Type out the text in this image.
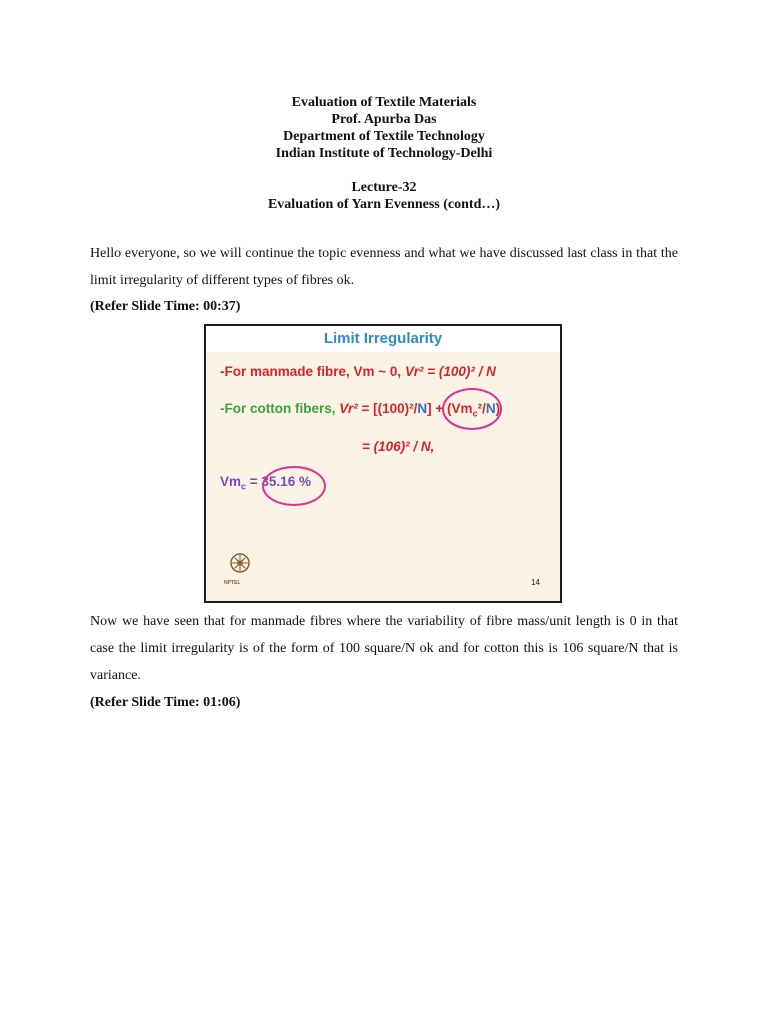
Evaluation of Textile Materials
Prof. Apurba Das
Department of Textile Technology
Indian Institute of Technology-Delhi
Lecture-32
Evaluation of Yarn Evenness (contd…)
Hello everyone, so we will continue the topic evenness and what we have discussed last class in that the limit irregularity of different types of fibres ok.
(Refer Slide Time: 00:37)
Limit Irregularity
-For manmade fibre, Vm ~ 0, Vr² = (100)² / N
-For cotton fibers, $Vr^2 = [(100)^2/N] + (Vm_c^2/N)$
= (106)² / N,
$Vm_c = 35.16$ %
NPTEL	14
Now we have seen that for manmade fibres where the variability of fibre mass/unit length is 0 in that case the limit irregularity is of the form of 100 square/N ok and for cotton this is 106 square/N that is variance.
(Refer Slide Time: 01:06)
